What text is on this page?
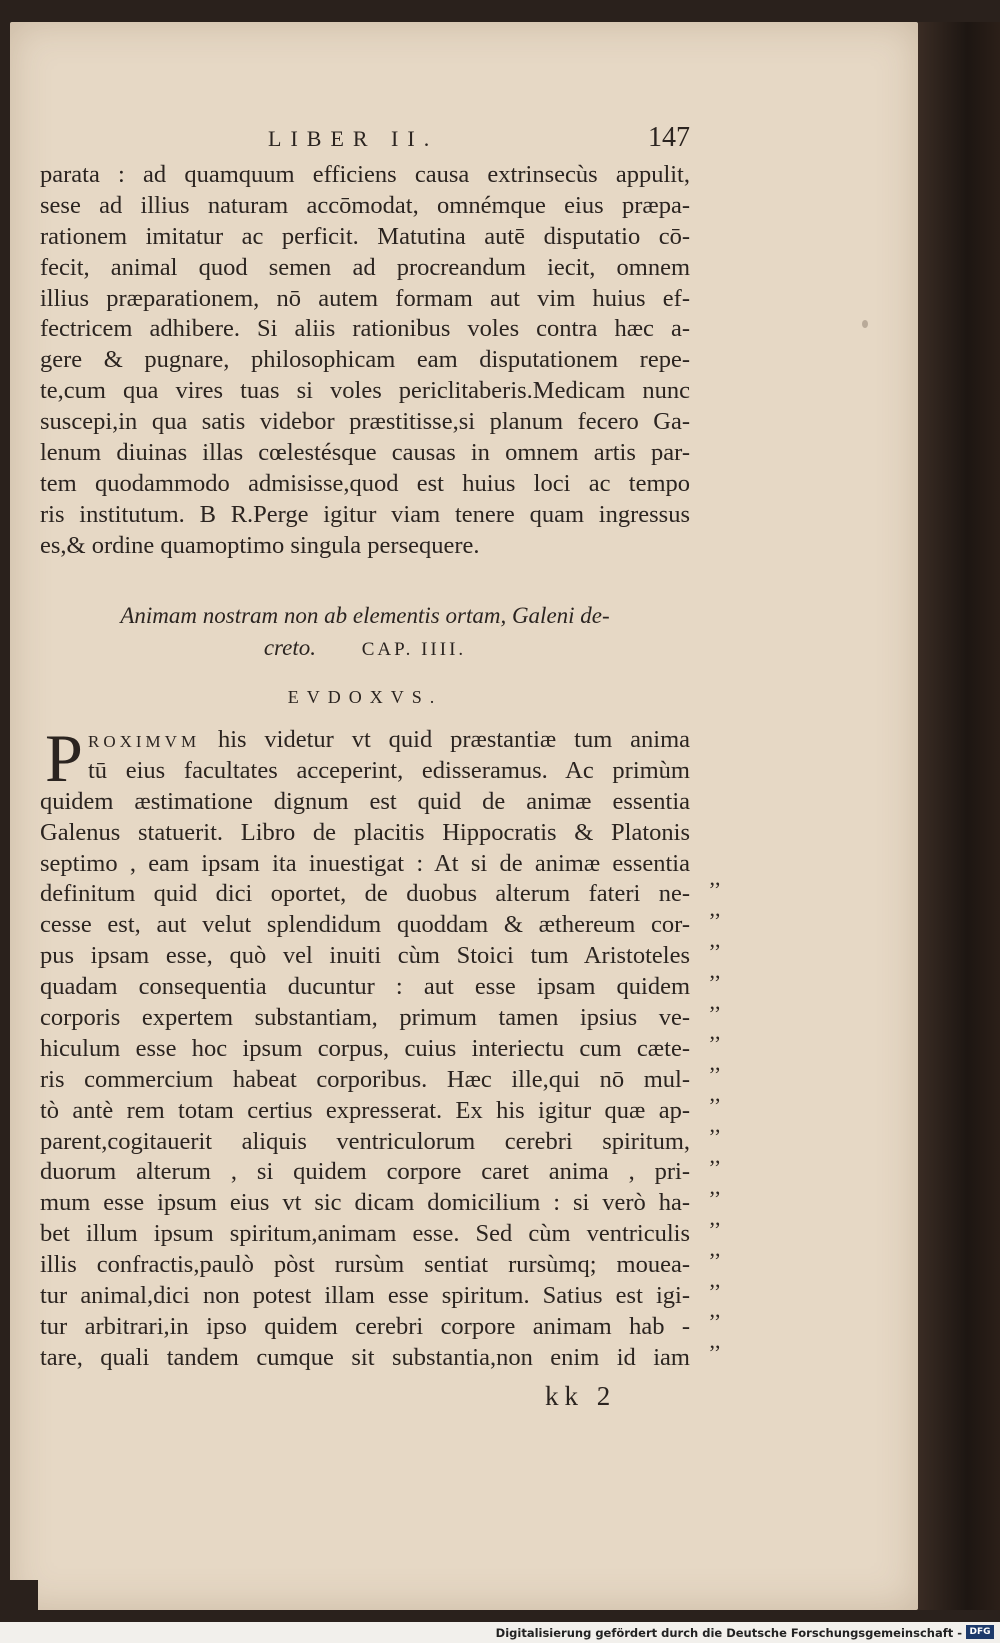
LIBER II.	147
parata : ad quamquum efficiens causa extrinsecùs appulit,
sese ad illius naturam accōmodat, omnémque eius præpa-
rationem imitatur ac perficit. Matutina autē disputatio cō-
fecit, animal quod semen ad procreandum iecit, omnem
illius præparationem, nō autem formam aut vim huius ef-
fectricem adhibere. Si aliis rationibus voles contra hæc a-
gere & pugnare, philosophicam eam disputationem repe-
te,cum qua vires tuas si voles periclitaberis.Medicam nunc
suscepi,in qua satis videbor præstitisse,si planum fecero Ga-
lenum diuinas illas cœlestésque causas in omnem artis par-
tem quodammodo admisisse,quod est huius loci ac tempo
ris institutum. B R.Perge igitur viam tenere quam ingressus
es,& ordine quamoptimo singula persequere.
Animam nostram non ab elementis ortam, Galeni de-
creto. CAP. IIII.
EVDOXVS.
P ROXIMVM his videtur vt quid præstantiæ tum anima
tū eius facultates acceperint, edisseramus. Ac primùm
quidem æstimatione dignum est quid de animæ essentia
Galenus statuerit. Libro de placitis Hippocratis & Platonis
septimo , eam ipsam ita inuestigat : At si de animæ essentia
definitum quid dici oportet, de duobus alterum fateri ne-
cesse est, aut velut splendidum quoddam & æthereum cor-
pus ipsam esse, quò vel inuiti cùm Stoici tum Aristoteles
quadam consequentia ducuntur : aut esse ipsam quidem
corporis expertem substantiam, primum tamen ipsius ve-
hiculum esse hoc ipsum corpus, cuius interiectu cum cæte-
ris commercium habeat corporibus. Hæc ille,qui nō mul-
tò antè rem totam certius expresserat. Ex his igitur quæ ap-
parent,cogitauerit aliquis ventriculorum cerebri spiritum,
duorum alterum , si quidem corpore caret anima , pri-
mum esse ipsum eius vt sic dicam domicilium : si verò ha-
bet illum ipsum spiritum,animam esse. Sed cùm ventriculis
illis confractis,paulò pòst rursùm sentiat rursùmq; mouea-
tur animal,dici non potest illam esse spiritum. Satius est igi-
tur arbitrari,in ipso quidem cerebri corpore animam hab -
tare, quali tandem cumque sit substantia,non enim id iam
,,
,,
,,
,,
,,
,,
,,
,,
,,
,,
,,
,,
,,
,,
,,
,,
kk 2
Digitalisierung gefördert durch die Deutsche Forschungsgemeinschaft - DFG
